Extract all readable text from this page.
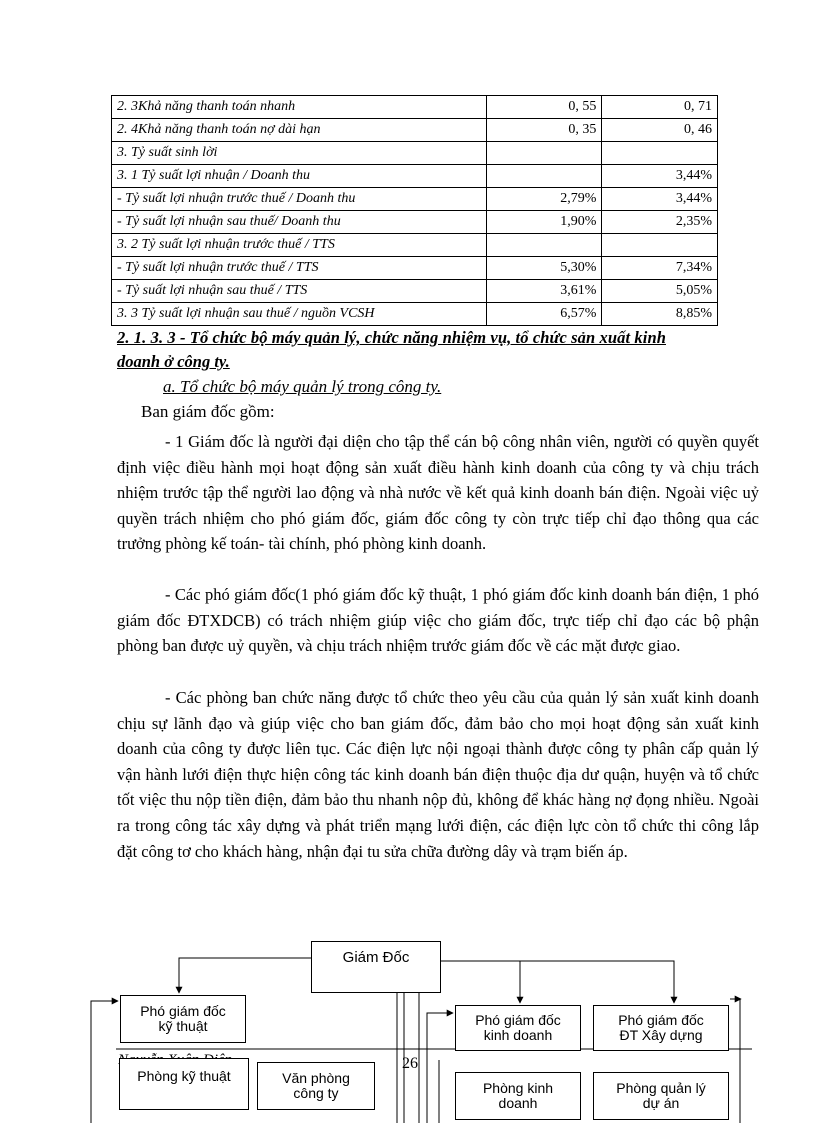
2. 3Khả năng thanh toán nhanh	0, 55	0, 71
2. 4Khả năng thanh toán nợ dài hạn	0, 35	0, 46
3. Tỷ suất sinh lời		
3. 1 Tỷ suất lợi nhuận / Doanh thu		3,44%
- Tỷ suất lợi nhuận trước thuế / Doanh thu	2,79%	3,44%
- Tỷ suất lợi nhuận sau thuế/ Doanh thu	1,90%	2,35%
3. 2 Tỷ suất lợi nhuận trước thuế / TTS		
- Tỷ suất lợi nhuận trước thuế / TTS	5,30%	7,34%
- Tỷ suất lợi nhuận sau thuế / TTS	3,61%	5,05%
3. 3 Tỷ suất lợi nhuận sau thuế / nguồn VCSH	6,57%	8,85%
2. 1. 3. 3 - Tổ chức bộ máy quản lý, chức năng nhiệm vụ, tổ chức sản xuất kinh
doanh ở công ty.
a. Tổ chức bộ máy quản lý trong công ty.
Ban giám đốc gồm:

- 1 Giám đốc là người đại diện cho tập thể cán bộ công nhân viên, người có quyền quyết định việc điều hành mọi hoạt động sản xuất điều hành kinh doanh của công ty và chịu trách nhiệm trước tập thể người lao động và nhà nước về kết quả kinh doanh bán điện. Ngoài việc uỷ quyền trách nhiệm cho phó giám đốc, giám đốc công ty còn trực tiếp chỉ đạo thông qua các trưởng phòng kế toán- tài chính, phó phòng kinh doanh.

- Các phó giám đốc(1 phó giám đốc kỹ thuật, 1 phó giám đốc kinh doanh bán điện, 1 phó giám đốc ĐTXDCB) có trách nhiệm giúp việc cho giám đốc, trực tiếp chỉ đạo các bộ phận phòng ban được uỷ quyền, và chịu trách nhiệm trước giám đốc về các mặt được giao.

- Các phòng ban chức năng được tổ chức theo yêu cầu của quản lý sản xuất kinh doanh chịu sự lãnh đạo và giúp việc cho ban giám đốc, đảm bảo cho mọi hoạt động sản xuất kinh doanh của công ty được liên tục. Các điện lực nội ngoại thành được công ty phân cấp quản lý vận hành lưới điện thực hiện công tác kinh doanh bán điện thuộc địa dư quận, huyện và tổ chức tốt việc thu nộp tiền điện, đảm bảo thu nhanh nộp đủ, không để khác hàng nợ đọng nhiều. Ngoài ra trong công tác xây dựng và phát triển mạng lưới điện, các điện lực còn tổ chức thi công lắp đặt công tơ cho khách hàng, nhận đại tu sửa chữa đường dây và trạm biến áp.

Giám Đốc
Phó giám đốc
kỹ thuật	Phó giám đốc
kinh doanh
Phó giám đốc
ĐT Xây dựng
Phòng kỹ thuật	Văn phòng
công ty	Phòng kinh
doanh
Phòng quản lý
dự án
26
